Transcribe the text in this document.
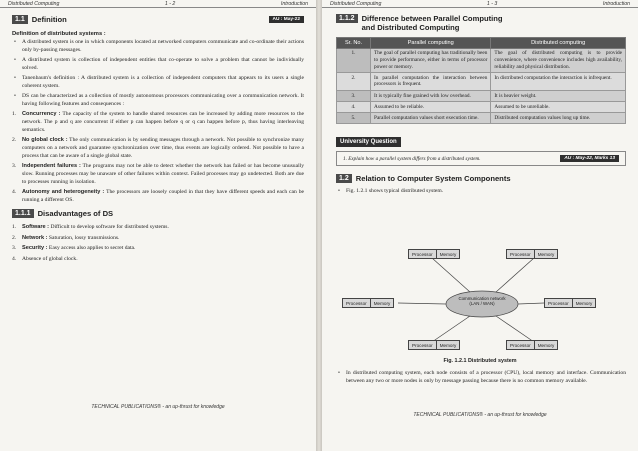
Distributed Computing	1 - 2	Introduction
1.1 Definition	AU : May-22
Definition of distributed systems :
• A distributed system is one in which components located at networked computers communicate and co-ordinate their actions only by-passing messages.
• A distributed system is collection of independent entities that co-operate to solve a problem that cannot be individually solved.
• Tanenbaum's definition : A distributed system is a collection of independent computers that appears to its users a single coherent system.
• DS can be characterized as a collection of mostly autonomous processors communicating over a communication network. It having following features and consequences :
1.	Concurrency : The capacity of the system to handle shared resources can be increased by adding more resources to the network. The p and q are concurrent if either p can happen before q or q can happen before p, thus having interleaving semantics.
2.	No global clock : The only communication is by sending messages through a network. Not possible to synchronize many computers on a network and guarantee synchronization over time, thus events are logically ordered. Not possible to have a process that can be aware of a single global state.
3.	Independent failures : The programs may not be able to detect whether the network has failed or has become unusually slow. Running processes may be unaware of other failures within context. Failed processes may go undetected. Both are due to processes running in isolation.
4.	Autonomy and heterogeneity : The processors are loosely coupled in that they have different speeds and each can be running a different OS.
1.1.1 Disadvantages of DS
1.	Software : Difficult to develop software for distributed systems.
2.	Network : Saturation, lossy transmissions.
3.	Security : Easy access also applies to secret data.
4.	Absence of global clock.
TECHNICAL PUBLICATIONS® - an up-thrust for knowledge
Distributed Computing	1 - 3	Introduction
1.1.2 Difference between Parallel Computing
and Distributed Computing
Sr. No.	Parallel computing	Distributed computing
1.	The goal of parallel computing has traditionally been to provide performance, either in terms of processor power or memory.	The goal of distributed computing is to provide convenience, where convenience includes high availability, reliability and physical distribution.
2.	In parallel computation the interaction between processors is frequent.	In distributed computation the interaction is infrequent.
3.	It is typically fine grained with low overhead.	It is heavier weight.
4.	Assumed to be reliable.	Assumed to be unreliable.
5.	Parallel computation values short execution time.	Distributed computation values long up time.
University Question
1. Explain how a parallel system differs from a distributed system.	AU : May-22, Marks 13
1.2 Relation to Computer System Components
• Fig. 1.2.1 shows typical distributed system.
Communication network
(LAN / WAN)
Processor	Memory	Processor	Memory
Processor	Memory	Processor	Memory
Processor	Memory	Processor	Memory
Fig. 1.2.1 Distributed system
• In distributed computing system, each node consists of a processor (CPU), local memory and interface. Communication between any two or more nodes is only by message passing because there is no common memory available.
TECHNICAL PUBLICATIONS® - an up-thrust for knowledge
